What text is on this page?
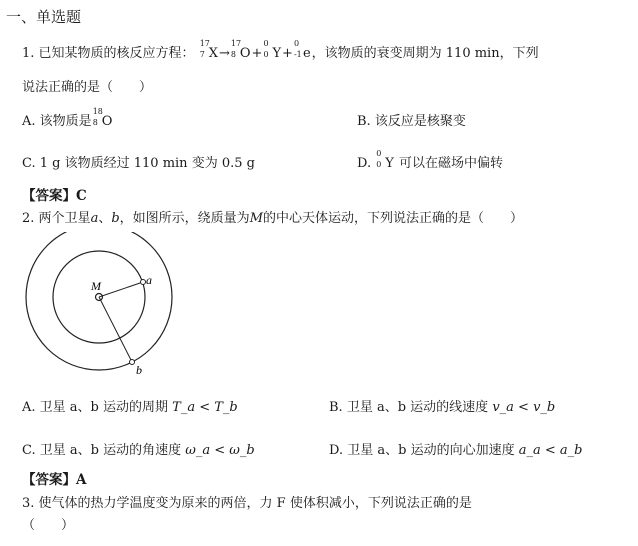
一、单选题
1. 已知某物质的核反应方程：
17
7 X→
17
8 O+
0
0 Y+
0
-1 e，该物质的衰变周期为 110 min，下列
说法正确的是（　　）
A. 该物质是
18
8 O	B. 该反应是核聚变
C. 1 g 该物质经过 110 min 变为 0.5 g	D.
0
0 Y 可以在磁场中偏转
【答案】C
2. 两个卫星a、b，如图所示，绕质量为M的中心天体运动，下列说法正确的是（　　）
M	a
b
A. 卫星 a、b 运动的周期 T_a < T_b	B. 卫星 a、b 运动的线速度 v_a < v_b
C. 卫星 a、b 运动的角速度 ω_a < ω_b	D. 卫星 a、b 运动的向心加速度 a_a < a_b
【答案】A
3. 使气体的热力学温度变为原来的两倍，力 F 使体积减小，下列说法正确的是
（　　）
